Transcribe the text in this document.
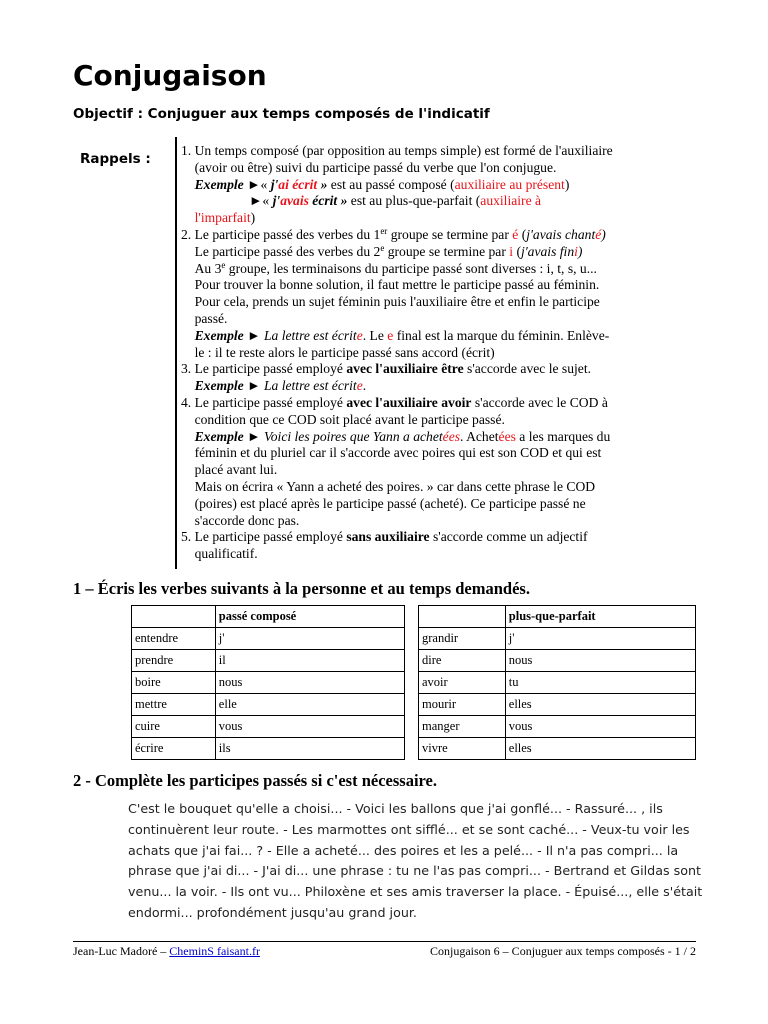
Conjugaison

Objectif : Conjuguer aux temps composés de l'indicatif

Rappels :
1. Un temps composé (par opposition au temps simple) est formé de l'auxiliaire
(avoir ou être) suivi du participe passé du verbe que l'on conjugue.
Exemple ►« j'ai écrit » est au passé composé (auxiliaire au présent)
►« j'avais écrit » est au plus-que-parfait (auxiliaire à
l'imparfait)
2. Le participe passé des verbes du 1er groupe se termine par é (j'avais chanté)
Le participe passé des verbes du 2e groupe se termine par i (j'avais fini)
Au 3e groupe, les terminaisons du participe passé sont diverses : i, t, s, u...
Pour trouver la bonne solution, il faut mettre le participe passé au féminin.
Pour cela, prends un sujet féminin puis l'auxiliaire être et enfin le participe
passé.
Exemple ► La lettre est écrite. Le e final est la marque du féminin. Enlève-
le : il te reste alors le participe passé sans accord (écrit)
3. Le participe passé employé avec l'auxiliaire être s'accorde avec le sujet.
Exemple ► La lettre est écrite.
4. Le participe passé employé avec l'auxiliaire avoir s'accorde avec le COD à
condition que ce COD soit placé avant le participe passé.
Exemple ► Voici les poires que Yann a achetées. Achetées a les marques du
féminin et du pluriel car il s'accorde avec poires qui est son COD et qui est
placé avant lui.
Mais on écrira « Yann a acheté des poires. » car dans cette phrase le COD
(poires) est placé après le participe passé (acheté). Ce participe passé ne
s'accorde donc pas.
5. Le participe passé employé sans auxiliaire s'accorde comme un adjectif
qualificatif.
1 – Écris les verbes suivants à la personne et au temps demandés.
	passé composé
entendre	j'
prendre	il
boire	nous
mettre	elle
cuire	vous
écrire	ils
	plus-que-parfait
grandir	j'
dire	nous
avoir	tu
mourir	elles
manger	vous
vivre	elles
2 - Complète les participes passés si c'est nécessaire.
C'est le bouquet qu'elle a choisi... - Voici les ballons que j'ai gonflé... - Rassuré... , ils
continuèrent leur route. - Les marmottes ont sifflé... et se sont caché... - Veux-tu voir les
achats que j'ai fai... ? - Elle a acheté... des poires et les a pelé... - Il n'a pas compri... la
phrase que j'ai di... - J'ai di... une phrase : tu ne l'as pas compri... - Bertrand et Gildas sont
venu... la voir. - Ils ont vu... Philoxène et ses amis traverser la place. - Épuisé..., elle s'était
endormi... profondément jusqu'au grand jour.
Jean-Luc Madoré – CheminS faisant.fr	Conjugaison 6 – Conjuguer aux temps composés - 1 / 2
